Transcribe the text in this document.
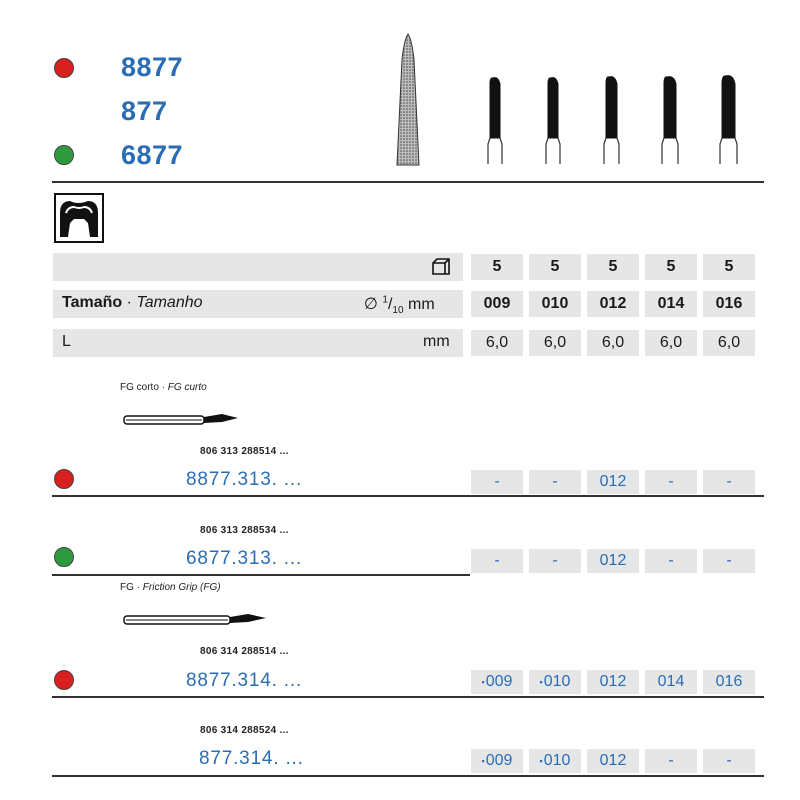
8877
877
6877
5	5	5	5	5
Tamaño · Tamanho	∅ $^1/_{10}$ mm	009	010	012	014	016
L	mm	6,0	6,0	6,0	6,0	6,0
FG corto · FG curto
806 313 288514 ...
8877.313. ...	-	-	012	-	-
806 313 288534 ...
6877.313. ...	-	-	012	-	-
FG · Friction Grip (FG)
806 314 288514 ...
8877.314. ...	▪ 009	▪ 010	012	014	016
806 314 288524 ...
877.314. ...	▪ 009	▪ 010	012	-	-
